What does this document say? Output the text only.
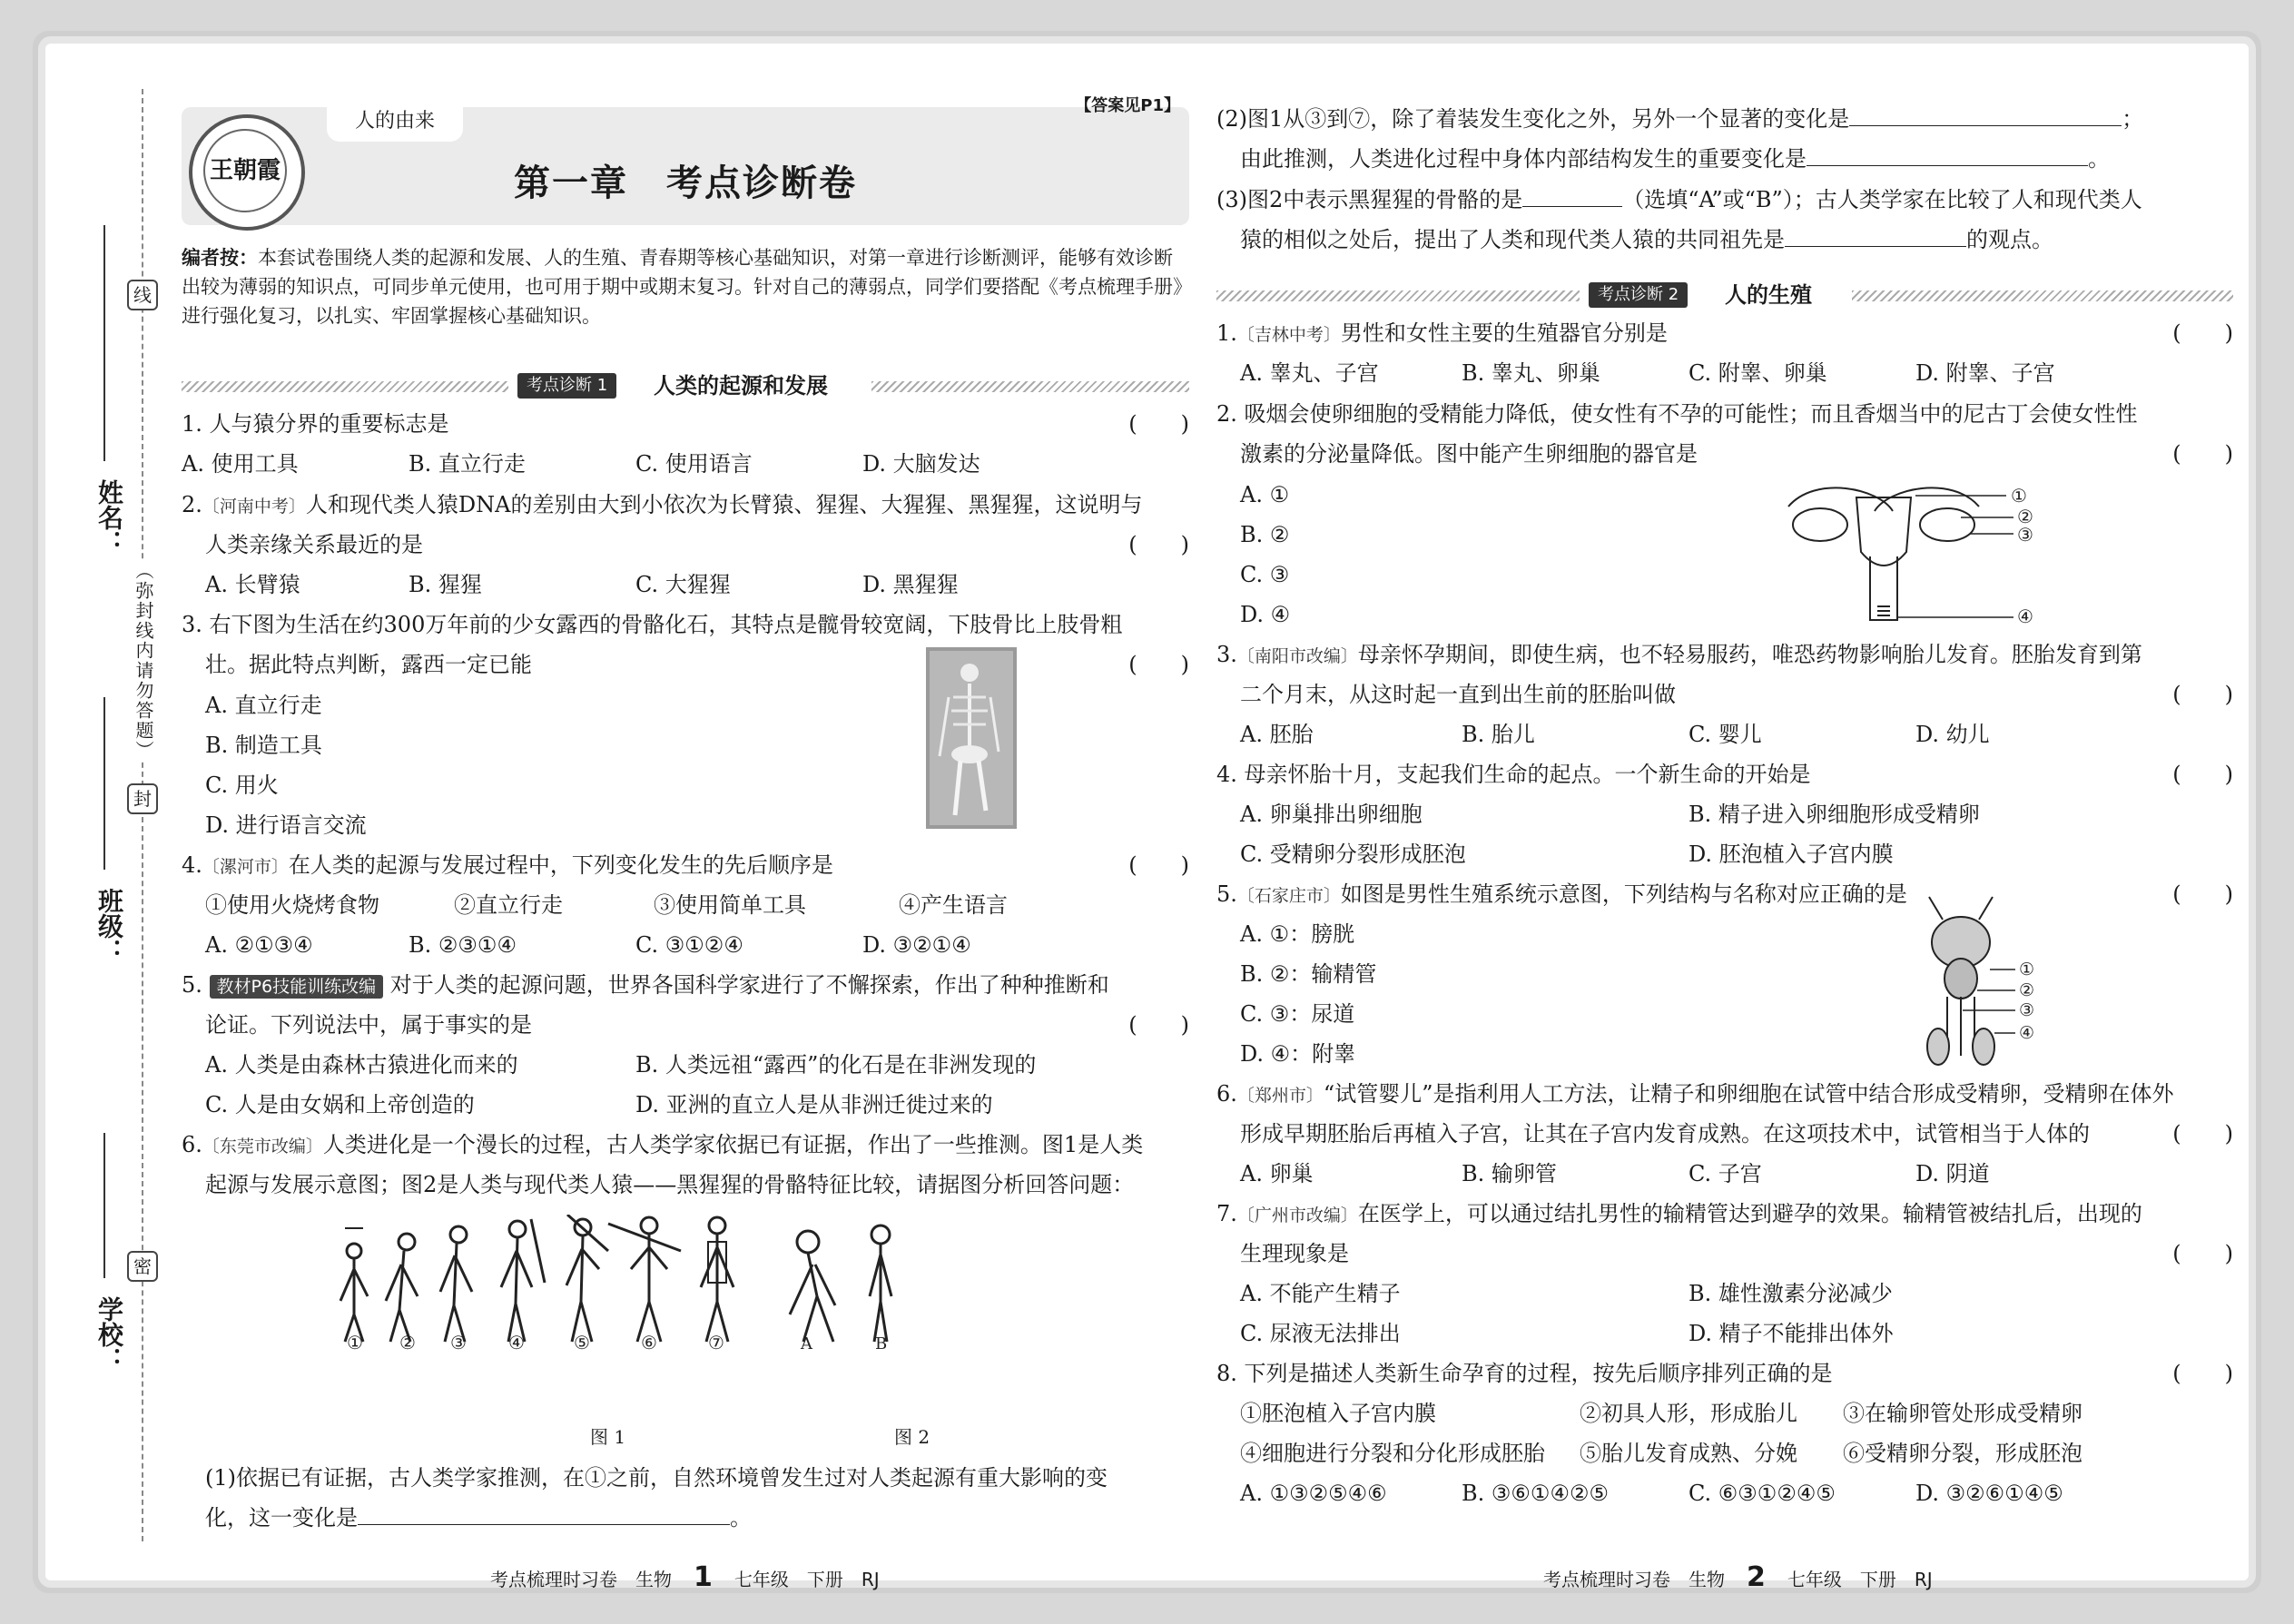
学校：
班级：
姓名：
线
封
密
（弥封线内请勿答题）
王朝霞
人的由来
【答案见P1】
第一章　考点诊断卷
编者按：本套试卷围绕人类的起源和发展、人的生殖、青春期等核心基础知识，对第一章进行诊断测评，能够有效诊断出较为薄弱的知识点，可同步单元使用，也可用于期中或期末复习。针对自己的薄弱点，同学们要搭配《考点梳理手册》进行强化复习，以扎实、牢固掌握核心基础知识。
考点诊断 1	人类的起源和发展
1. 人与猿分界的重要标志是	(　　)
A. 使用工具	B. 直立行走	C. 使用语言	D. 大脑发达
2.〔河南中考〕人和现代类人猿DNA的差别由大到小依次为长臂猿、猩猩、大猩猩、黑猩猩，这说明与
人类亲缘关系最近的是	(　　)
A. 长臂猿	B. 猩猩	C. 大猩猩	D. 黑猩猩
3. 右下图为生活在约300万年前的少女露西的骨骼化石，其特点是髋骨较宽阔，下肢骨比上肢骨粗
壮。据此特点判断，露西一定已能	(　　)
A. 直立行走
B. 制造工具
C. 用火
D. 进行语言交流
4.〔漯河市〕在人类的起源与发展过程中，下列变化发生的先后顺序是	(　　)
①使用火烧烤食物	②直立行走	③使用简单工具	④产生语言
A. ②①③④	B. ②③①④	C. ③①②④	D. ③②①④
5. 教材P6技能训练改编 对于人类的起源问题，世界各国科学家进行了不懈探索，作出了种种推断和
论证。下列说法中，属于事实的是	(　　)
A. 人类是由森林古猿进化而来的	B. 人类远祖“露西”的化石是在非洲发现的
C. 人是由女娲和上帝创造的	D. 亚洲的直立人是从非洲迁徙过来的
6.〔东莞市改编〕人类进化是一个漫长的过程，古人类学家依据已有证据，作出了一些推测。图1是人类
起源与发展示意图；图2是人类与现代类人猿——黑猩猩的骨骼特征比较，请据图分析回答问题：
① ② ③ ④	⑤	⑥	⑦	A	B
图 1	图 2
(1)依据已有证据，古人类学家推测，在①之前，自然环境曾发生过对人类起源有重大影响的变
化，这一变化是	。
考点梳理时习卷　生物 1 七年级　下册　RJ
(2)图1从③到⑦，除了着装发生变化之外，另外一个显著的变化是	；
由此推测，人类进化过程中身体内部结构发生的重要变化是	。
(3)图2中表示黑猩猩的骨骼的是	（选填“A”或“B”）；古人类学家在比较了人和现代类人
猿的相似之处后，提出了人类和现代类人猿的共同祖先是	的观点。
考点诊断 2	人的生殖
1.〔吉林中考〕男性和女性主要的生殖器官分别是	(　　)
A. 睾丸、子宫	B. 睾丸、卵巢	C. 附睾、卵巢	D. 附睾、子宫
2. 吸烟会使卵细胞的受精能力降低，使女性有不孕的可能性；而且香烟当中的尼古丁会使女性性
激素的分泌量降低。图中能产生卵细胞的器官是	(　　)
A. ①
B. ②
C. ③
D. ④
①
②
③
④
3.〔南阳市改编〕母亲怀孕期间，即使生病，也不轻易服药，唯恐药物影响胎儿发育。胚胎发育到第
二个月末，从这时起一直到出生前的胚胎叫做	(　　)
A. 胚胎	B. 胎儿	C. 婴儿	D. 幼儿
4. 母亲怀胎十月，支起我们生命的起点。一个新生命的开始是	(　　)
A. 卵巢排出卵细胞	B. 精子进入卵细胞形成受精卵
C. 受精卵分裂形成胚泡	D. 胚泡植入子宫内膜
5.〔石家庄市〕如图是男性生殖系统示意图，下列结构与名称对应正确的是	(　　)
A. ①：膀胱
B. ②：输精管
C. ③：尿道
D. ④：附睾
①
②
③
④
6.〔郑州市〕“试管婴儿”是指利用人工方法，让精子和卵细胞在试管中结合形成受精卵，受精卵在体外
形成早期胚胎后再植入子宫，让其在子宫内发育成熟。在这项技术中，试管相当于人体的	(　　)
A. 卵巢	B. 输卵管	C. 子宫	D. 阴道
7.〔广州市改编〕在医学上，可以通过结扎男性的输精管达到避孕的效果。输精管被结扎后，出现的
生理现象是	(　　)
A. 不能产生精子	B. 雄性激素分泌减少
C. 尿液无法排出	D. 精子不能排出体外
8. 下列是描述人类新生命孕育的过程，按先后顺序排列正确的是	(　　)
①胚泡植入子宫内膜	②初具人形，形成胎儿 ③在输卵管处形成受精卵
④细胞进行分裂和分化形成胚胎 ⑤胎儿发育成熟、分娩 ⑥受精卵分裂，形成胚泡
A. ①③②⑤④⑥	B. ③⑥①④②⑤	C. ⑥③①②④⑤	D. ③②⑥①④⑤
考点梳理时习卷　生物 2 七年级　下册　RJ
